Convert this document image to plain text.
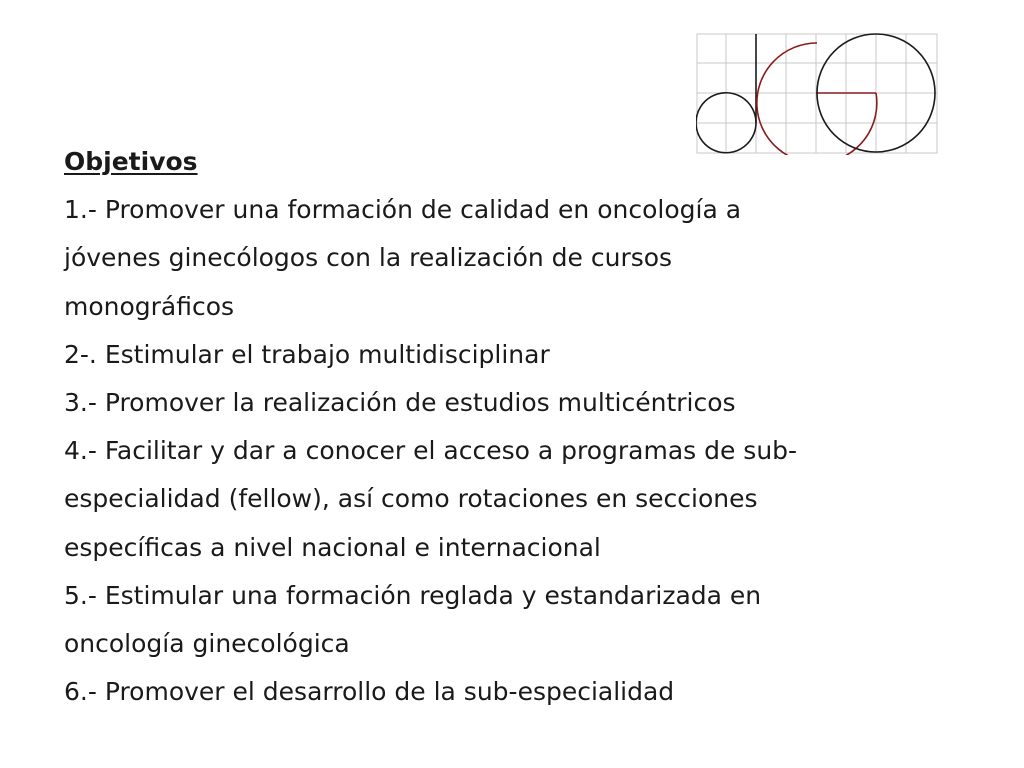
Objetivos

1.- Promover una formación de calidad en oncología a

jóvenes ginecólogos con la realización de cursos

monográficos

2-. Estimular el trabajo multidisciplinar

3.- Promover la realización de estudios multicéntricos

4.- Facilitar y dar a conocer el acceso a programas de sub-

especialidad (fellow), así como rotaciones en secciones

específicas a nivel nacional e internacional

5.- Estimular una formación reglada y estandarizada en

oncología ginecológica

6.- Promover el desarrollo de la sub-especialidad
